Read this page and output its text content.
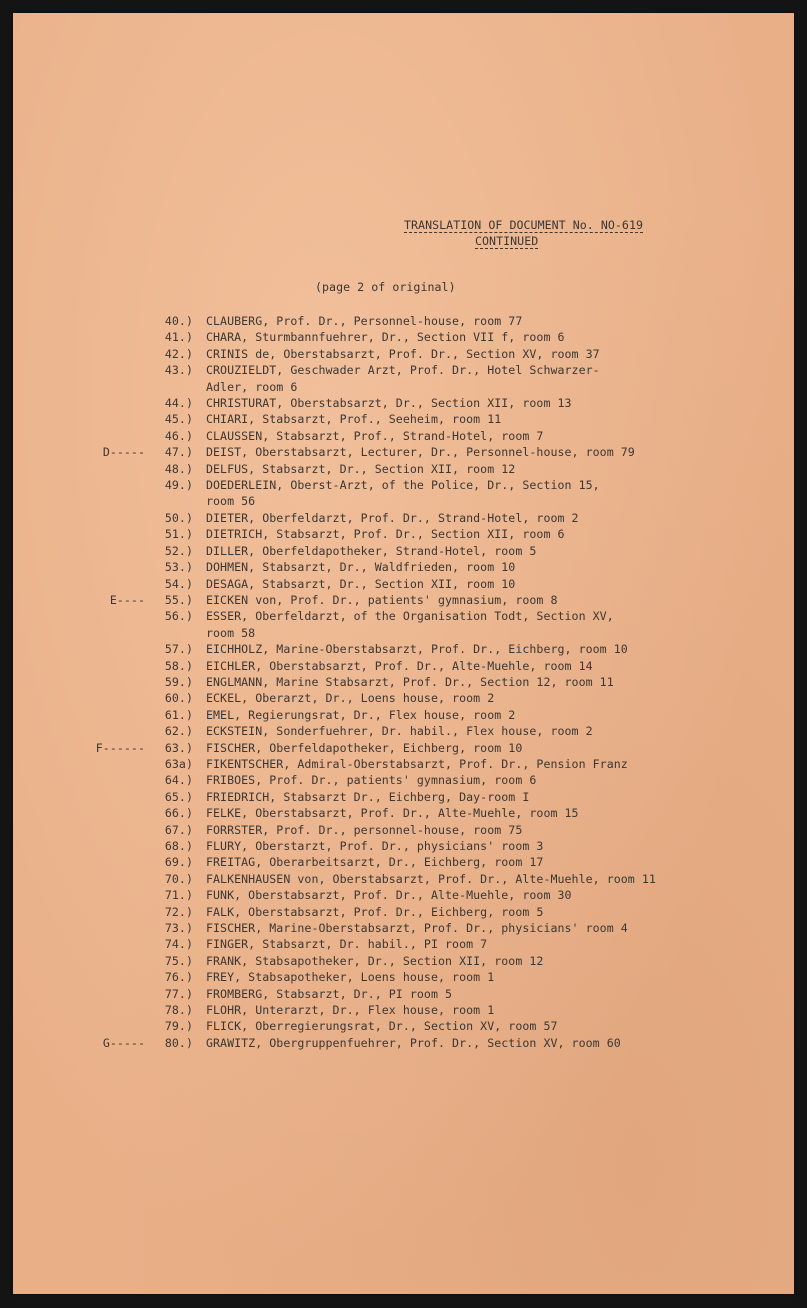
TRANSLATION OF DOCUMENT No. NO-619
CONTINUED
(page 2 of original)
40.) CLAUBERG, Prof. Dr., Personnel-house, room 77
41.) CHARA, Sturmbannfuehrer, Dr., Section VII f, room 6
42.) CRINIS de, Oberstabsarzt, Prof. Dr., Section XV, room 37
43.) CROUZIELDT, Geschwader Arzt, Prof. Dr., Hotel Schwarzer-
Adler, room 6
44.) CHRISTURAT, Oberstabsarzt, Dr., Section XII, room 13
45.) CHIARI, Stabsarzt, Prof., Seeheim, room 11
46.) CLAUSSEN, Stabsarzt, Prof., Strand-Hotel, room 7
D-----	47.) DEIST, Oberstabsarzt, Lecturer, Dr., Personnel-house, room 79
48.) DELFUS, Stabsarzt, Dr., Section XII, room 12
49.) DOEDERLEIN, Oberst-Arzt, of the Police, Dr., Section 15,
room 56
50.) DIETER, Oberfeldarzt, Prof. Dr., Strand-Hotel, room 2
51.) DIETRICH, Stabsarzt, Prof. Dr., Section XII, room 6
52.) DILLER, Oberfeldapotheker, Strand-Hotel, room 5
53.) DOHMEN, Stabsarzt, Dr., Waldfrieden, room 10
54.) DESAGA, Stabsarzt, Dr., Section XII, room 10
E----	55.) EICKEN von, Prof. Dr., patients' gymnasium, room 8
56.) ESSER, Oberfeldarzt, of the Organisation Todt, Section XV,
room 58
57.) EICHHOLZ, Marine-Oberstabsarzt, Prof. Dr., Eichberg, room 10
58.) EICHLER, Oberstabsarzt, Prof. Dr., Alte-Muehle, room 14
59.) ENGLMANN, Marine Stabsarzt, Prof. Dr., Section 12, room 11
60.) ECKEL, Oberarzt, Dr., Loens house, room 2
61.) EMEL, Regierungsrat, Dr., Flex house, room 2
62.) ECKSTEIN, Sonderfuehrer, Dr. habil., Flex house, room 2
F------	63.) FISCHER, Oberfeldapotheker, Eichberg, room 10
63a) FIKENTSCHER, Admiral-Oberstabsarzt, Prof. Dr., Pension Franz
64.) FRIBOES, Prof. Dr., patients' gymnasium, room 6
65.) FRIEDRICH, Stabsarzt Dr., Eichberg, Day-room I
66.) FELKE, Oberstabsarzt, Prof. Dr., Alte-Muehle, room 15
67.) FORRSTER, Prof. Dr., personnel-house, room 75
68.) FLURY, Oberstarzt, Prof. Dr., physicians' room 3
69.) FREITAG, Oberarbeitsarzt, Dr., Eichberg, room 17
70.) FALKENHAUSEN von, Oberstabsarzt, Prof. Dr., Alte-Muehle, room 11
71.) FUNK, Oberstabsarzt, Prof. Dr., Alte-Muehle, room 30
72.) FALK, Oberstabsarzt, Prof. Dr., Eichberg, room 5
73.) FISCHER, Marine-Oberstabsarzt, Prof. Dr., physicians' room 4
74.) FINGER, Stabsarzt, Dr. habil., PI room 7
75.) FRANK, Stabsapotheker, Dr., Section XII, room 12
76.) FREY, Stabsapotheker, Loens house, room 1
77.) FROMBERG, Stabsarzt, Dr., PI room 5
78.) FLOHR, Unterarzt, Dr., Flex house, room 1
79.) FLICK, Oberregierungsrat, Dr., Section XV, room 57
G-----	80.) GRAWITZ, Obergruppenfuehrer, Prof. Dr., Section XV, room 60
